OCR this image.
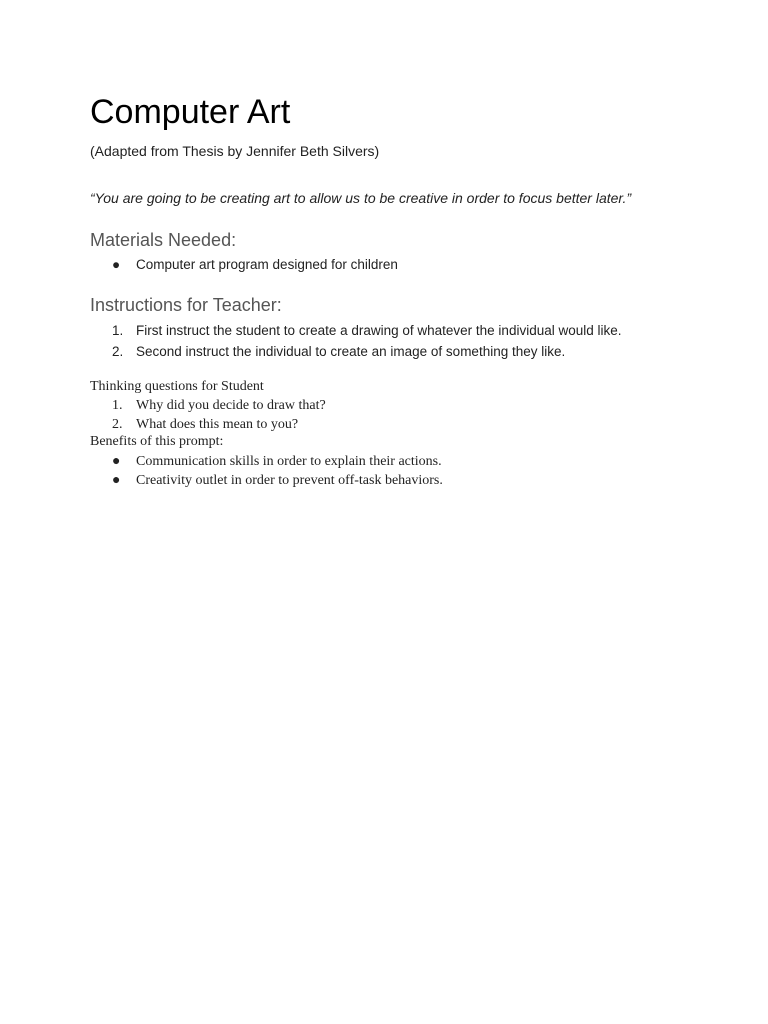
Computer Art
(Adapted from Thesis by Jennifer Beth Silvers)
“You are going to be creating art to allow us to be creative in order to focus better later.”
Materials Needed:
● Computer art program designed for children
Instructions for Teacher:
1. First instruct the student to create a drawing of whatever the individual would like.
2. Second instruct the individual to create an image of something they like.
Thinking questions for Student
1. Why did you decide to draw that?
2. What does this mean to you?
Benefits of this prompt:
● Communication skills in order to explain their actions.
● Creativity outlet in order to prevent off-task behaviors.
